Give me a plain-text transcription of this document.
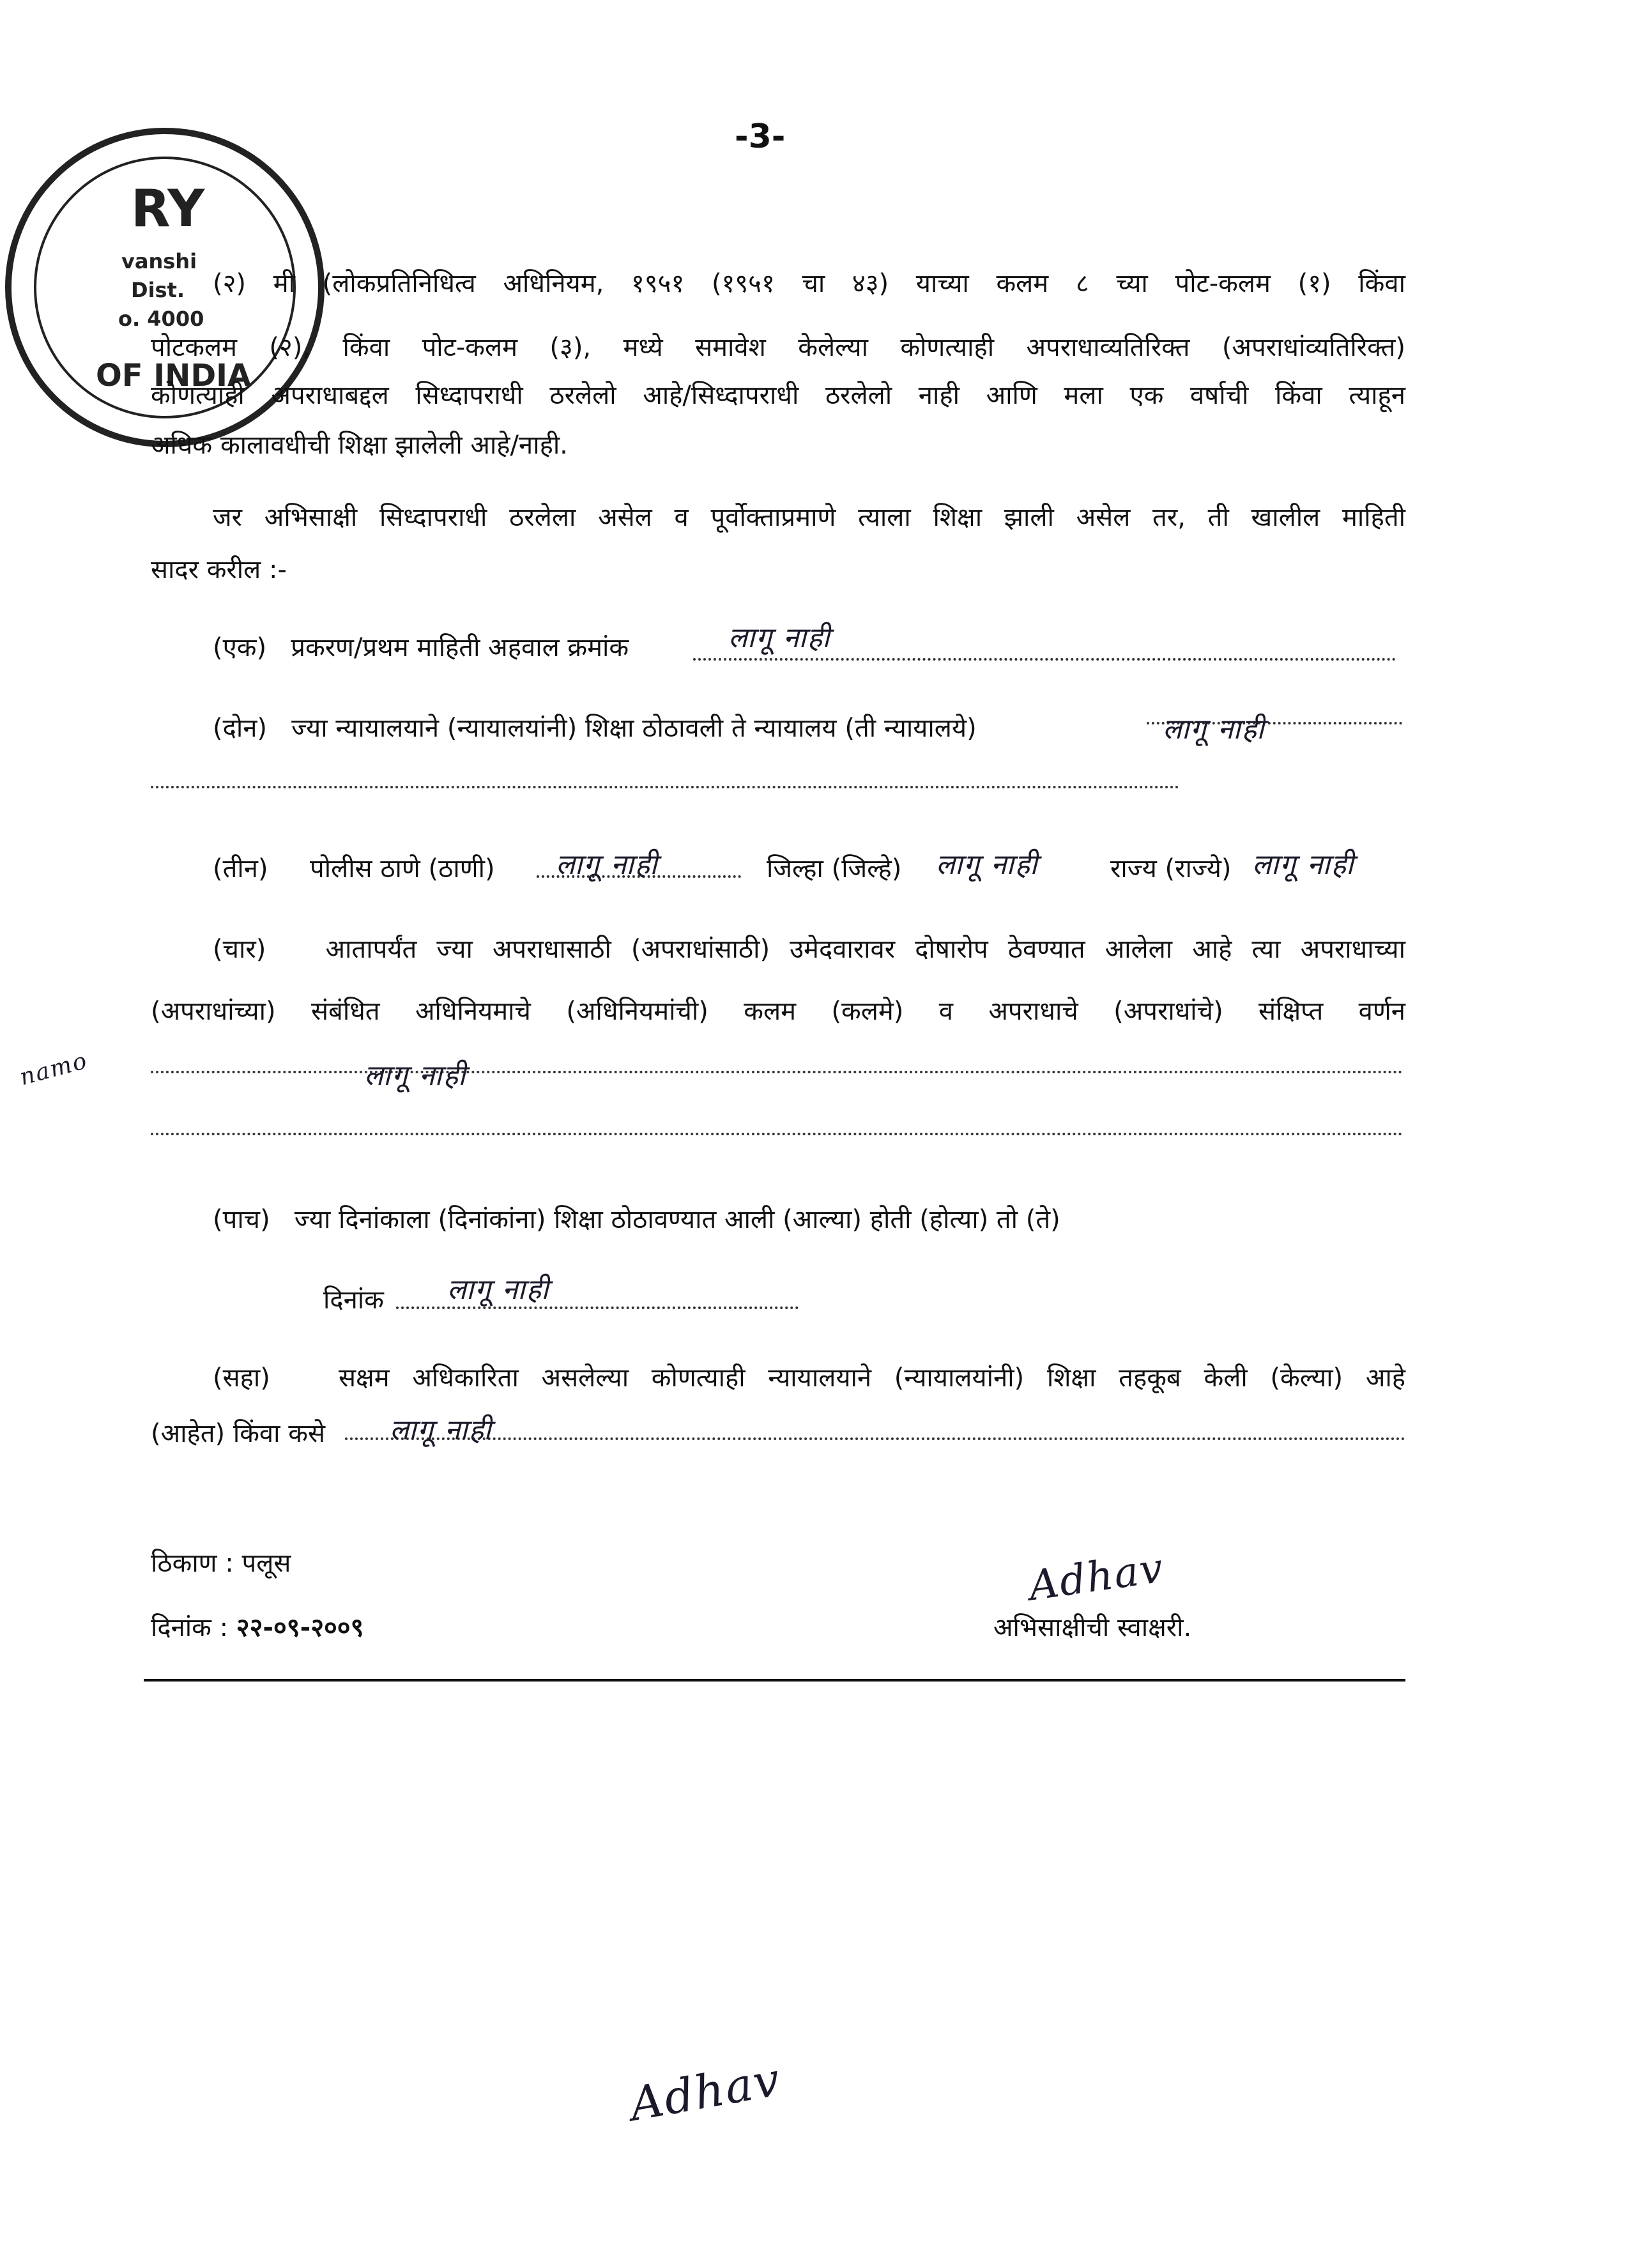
RY
vanshi
Dist.
o. 4000
OF INDIA
-3-
(२) मी (लोकप्रतिनिधित्व अधिनियम, १९५१ (१९५१ चा ४३) याच्या कलम ८ च्या पोट-कलम (१) किंवा
पोटकलम (२), किंवा पोट-कलम (३), मध्ये समावेश केलेल्या कोणत्याही अपराधाव्यतिरिक्त (अपराधांव्यतिरिक्त)
कोणत्याही अपराधाबद्दल सिध्दापराधी ठरलेलो आहे/सिध्दापराधी ठरलेलो नाही आणि मला एक वर्षाची किंवा त्याहून
अधिक कालावधीची शिक्षा झालेली आहे/नाही.
जर अभिसाक्षी सिध्दापराधी ठरलेला असेल व पूर्वोक्ताप्रमाणे त्याला शिक्षा झाली असेल तर, ती खालील माहिती
सादर करील :-
(एक) प्रकरण/प्रथम माहिती अहवाल क्रमांक	लागू नाही
(दोन) ज्या न्यायालयाने (न्यायालयांनी) शिक्षा ठोठावली ते न्यायालय (ती न्यायालये)	लागू नाही
(तीन) पोलीस ठाणे (ठाणी) लागू नाही	जिल्हा (जिल्हे) लागू नाही	राज्य (राज्ये) लागू नाही
(चार) आतापर्यंत ज्या अपराधासाठी (अपराधांसाठी) उमेदवारावर दोषारोप ठेवण्यात आलेला आहे त्या अपराधाच्या
(अपराधांच्या) संबंधित अधिनियमाचे (अधिनियमांची) कलम (कलमे) व अपराधाचे (अपराधांचे) संक्षिप्त वर्णन
लागू नाही
namo
(पाच) ज्या दिनांकाला (दिनांकांना) शिक्षा ठोठावण्यात आली (आल्या) होती (होत्या) तो (ते)
दिनांक लागू नाही
(सहा)	सक्षम अधिकारिता असलेल्या कोणत्याही न्यायालयाने (न्यायालयांनी) शिक्षा तहकूब केली (केल्या) आहे
(आहेत) किंवा कसे लागू नाही
ठिकाण : पलूस
दिनांक : २२-०९-२००९
Adhav
अभिसाक्षीची स्वाक्षरी.
Adhav
